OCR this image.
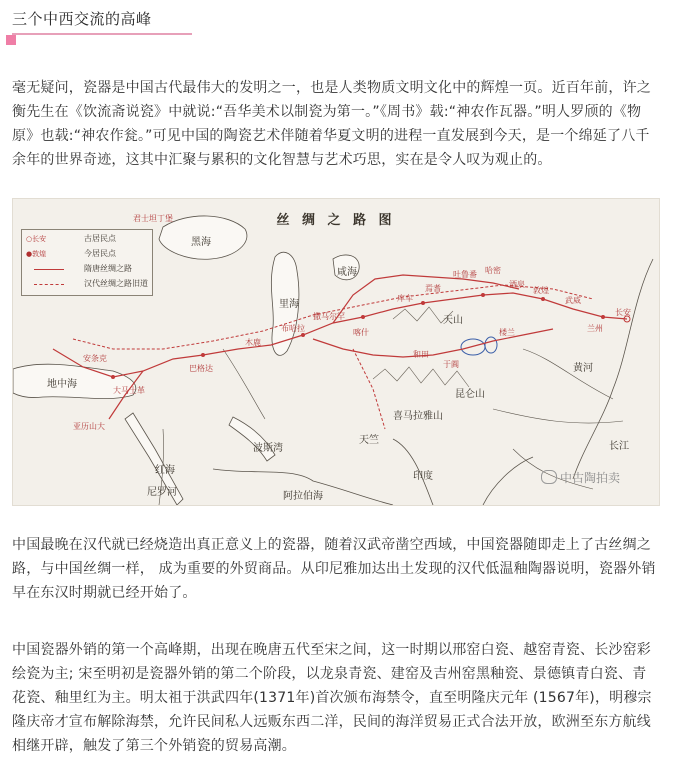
三个中西交流的高峰

毫无疑问，瓷器是中国古代最伟大的发明之一，也是人类物质文明文化中的辉煌一页。近百年前，许之衡先生在《饮流斋说瓷》中就说:“吾华美术以制瓷为第一。”《周书》载:“神农作瓦器。”明人罗颀的《物原》也载:“神农作瓮。”可见中国的陶瓷艺术伴随着华夏文明的进程一直发展到今天，是一个绵延了八千余年的世界奇迹，这其中汇聚与累积的文化智慧与艺术巧思，实在是令人叹为观止的。

丝 绸 之 路 图
○长安	古居民点
●敦煌	今居民点
隋唐丝绸之路
汉代丝绸之路旧道
长安
敦煌
兰州
武威
酒泉
哈密
吐鲁番
焉耆
库车
喀什
和田
于阗
楼兰
撒马尔罕
布哈拉
木鹿
巴格达
大马士革
君士坦丁堡
安条克
亚历山大
咸海
里海
黑海
地中海
昆仑山
天山
喜马拉雅山
阿拉伯海
红海
长江
黄河
波斯湾
印度
天竺
尼罗河
中古陶拍卖

中国最晚在汉代就已经烧造出真正意义上的瓷器，随着汉武帝凿空西域，中国瓷器随即走上了古丝绸之路，与中国丝绸一样， 成为重要的外贸商品。从印尼雅加达出土发现的汉代低温釉陶器说明，瓷器外销早在东汉时期就已经开始了。

中国瓷器外销的第一个高峰期，出现在晚唐五代至宋之间，这一时期以邢窑白瓷、越窑青瓷、长沙窑彩绘瓷为主; 宋至明初是瓷器外销的第二个阶段，以龙泉青瓷、建窑及吉州窑黑釉瓷、景德镇青白瓷、青花瓷、釉里红为主。明太祖于洪武四年(1371年)首次颁布海禁令，直至明隆庆元年 (1567年)，明穆宗隆庆帝才宣布解除海禁，允许民间私人远贩东西二洋，民间的海洋贸易正式合法开放，欧洲至东方航线相继开辟，触发了第三个外销瓷的贸易高潮。
